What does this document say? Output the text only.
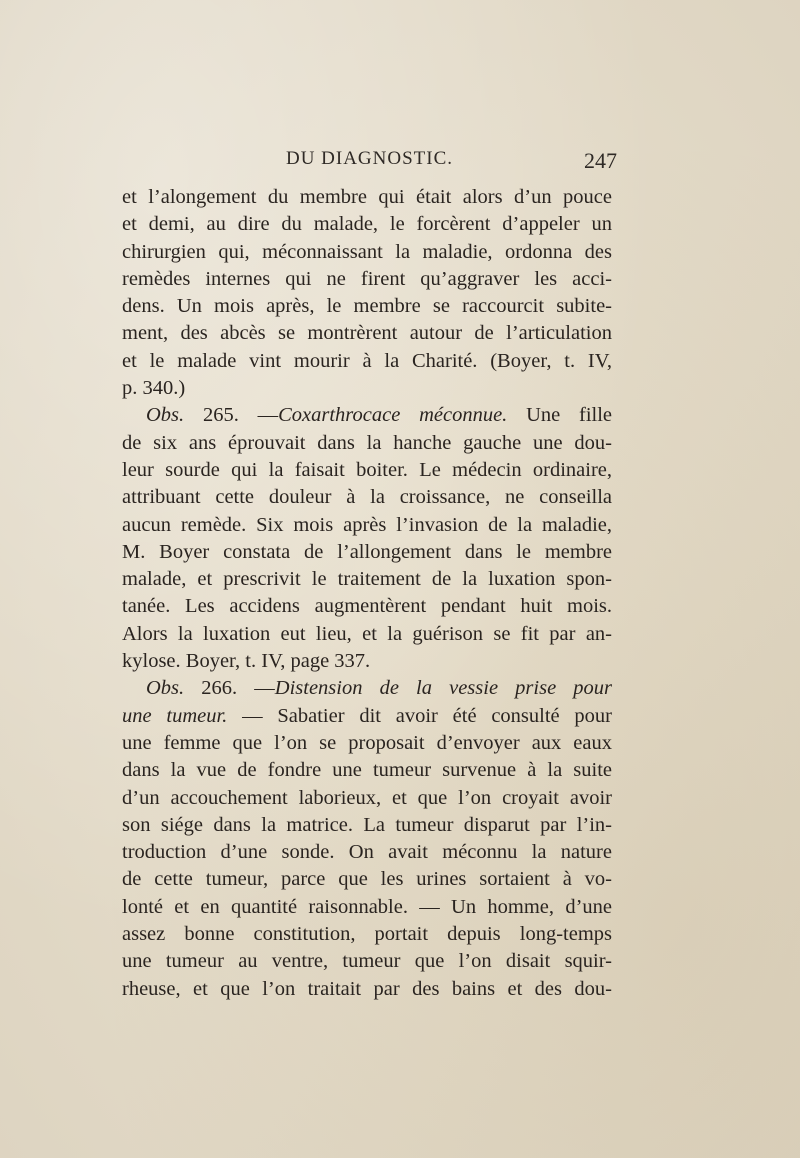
DU DIAGNOSTIC.	247
et l’alongement du membre qui était alors d’un pouce
et demi, au dire du malade, le forcèrent d’appeler un
chirurgien qui, méconnaissant la maladie, ordonna des
remèdes internes qui ne firent qu’aggraver les acci-
dens. Un mois après, le membre se raccourcit subite-
ment, des abcès se montrèrent autour de l’articulation
et le malade vint mourir à la Charité. (Boyer, t. IV,
p. 340.)
Obs. 265. —Coxarthrocace méconnue. Une fille
de six ans éprouvait dans la hanche gauche une dou-
leur sourde qui la faisait boiter. Le médecin ordinaire,
attribuant cette douleur à la croissance, ne conseilla
aucun remède. Six mois après l’invasion de la maladie,
M. Boyer constata de l’allongement dans le membre
malade, et prescrivit le traitement de la luxation spon-
tanée. Les accidens augmentèrent pendant huit mois.
Alors la luxation eut lieu, et la guérison se fit par an-
kylose. Boyer, t. IV, page 337.
Obs. 266. —Distension de la vessie prise pour
une tumeur. — Sabatier dit avoir été consulté pour
une femme que l’on se proposait d’envoyer aux eaux
dans la vue de fondre une tumeur survenue à la suite
d’un accouchement laborieux, et que l’on croyait avoir
son siége dans la matrice. La tumeur disparut par l’in-
troduction d’une sonde. On avait méconnu la nature
de cette tumeur, parce que les urines sortaient à vo-
lonté et en quantité raisonnable. — Un homme, d’une
assez bonne constitution, portait depuis long-temps
une tumeur au ventre, tumeur que l’on disait squir-
rheuse, et que l’on traitait par des bains et des dou-
